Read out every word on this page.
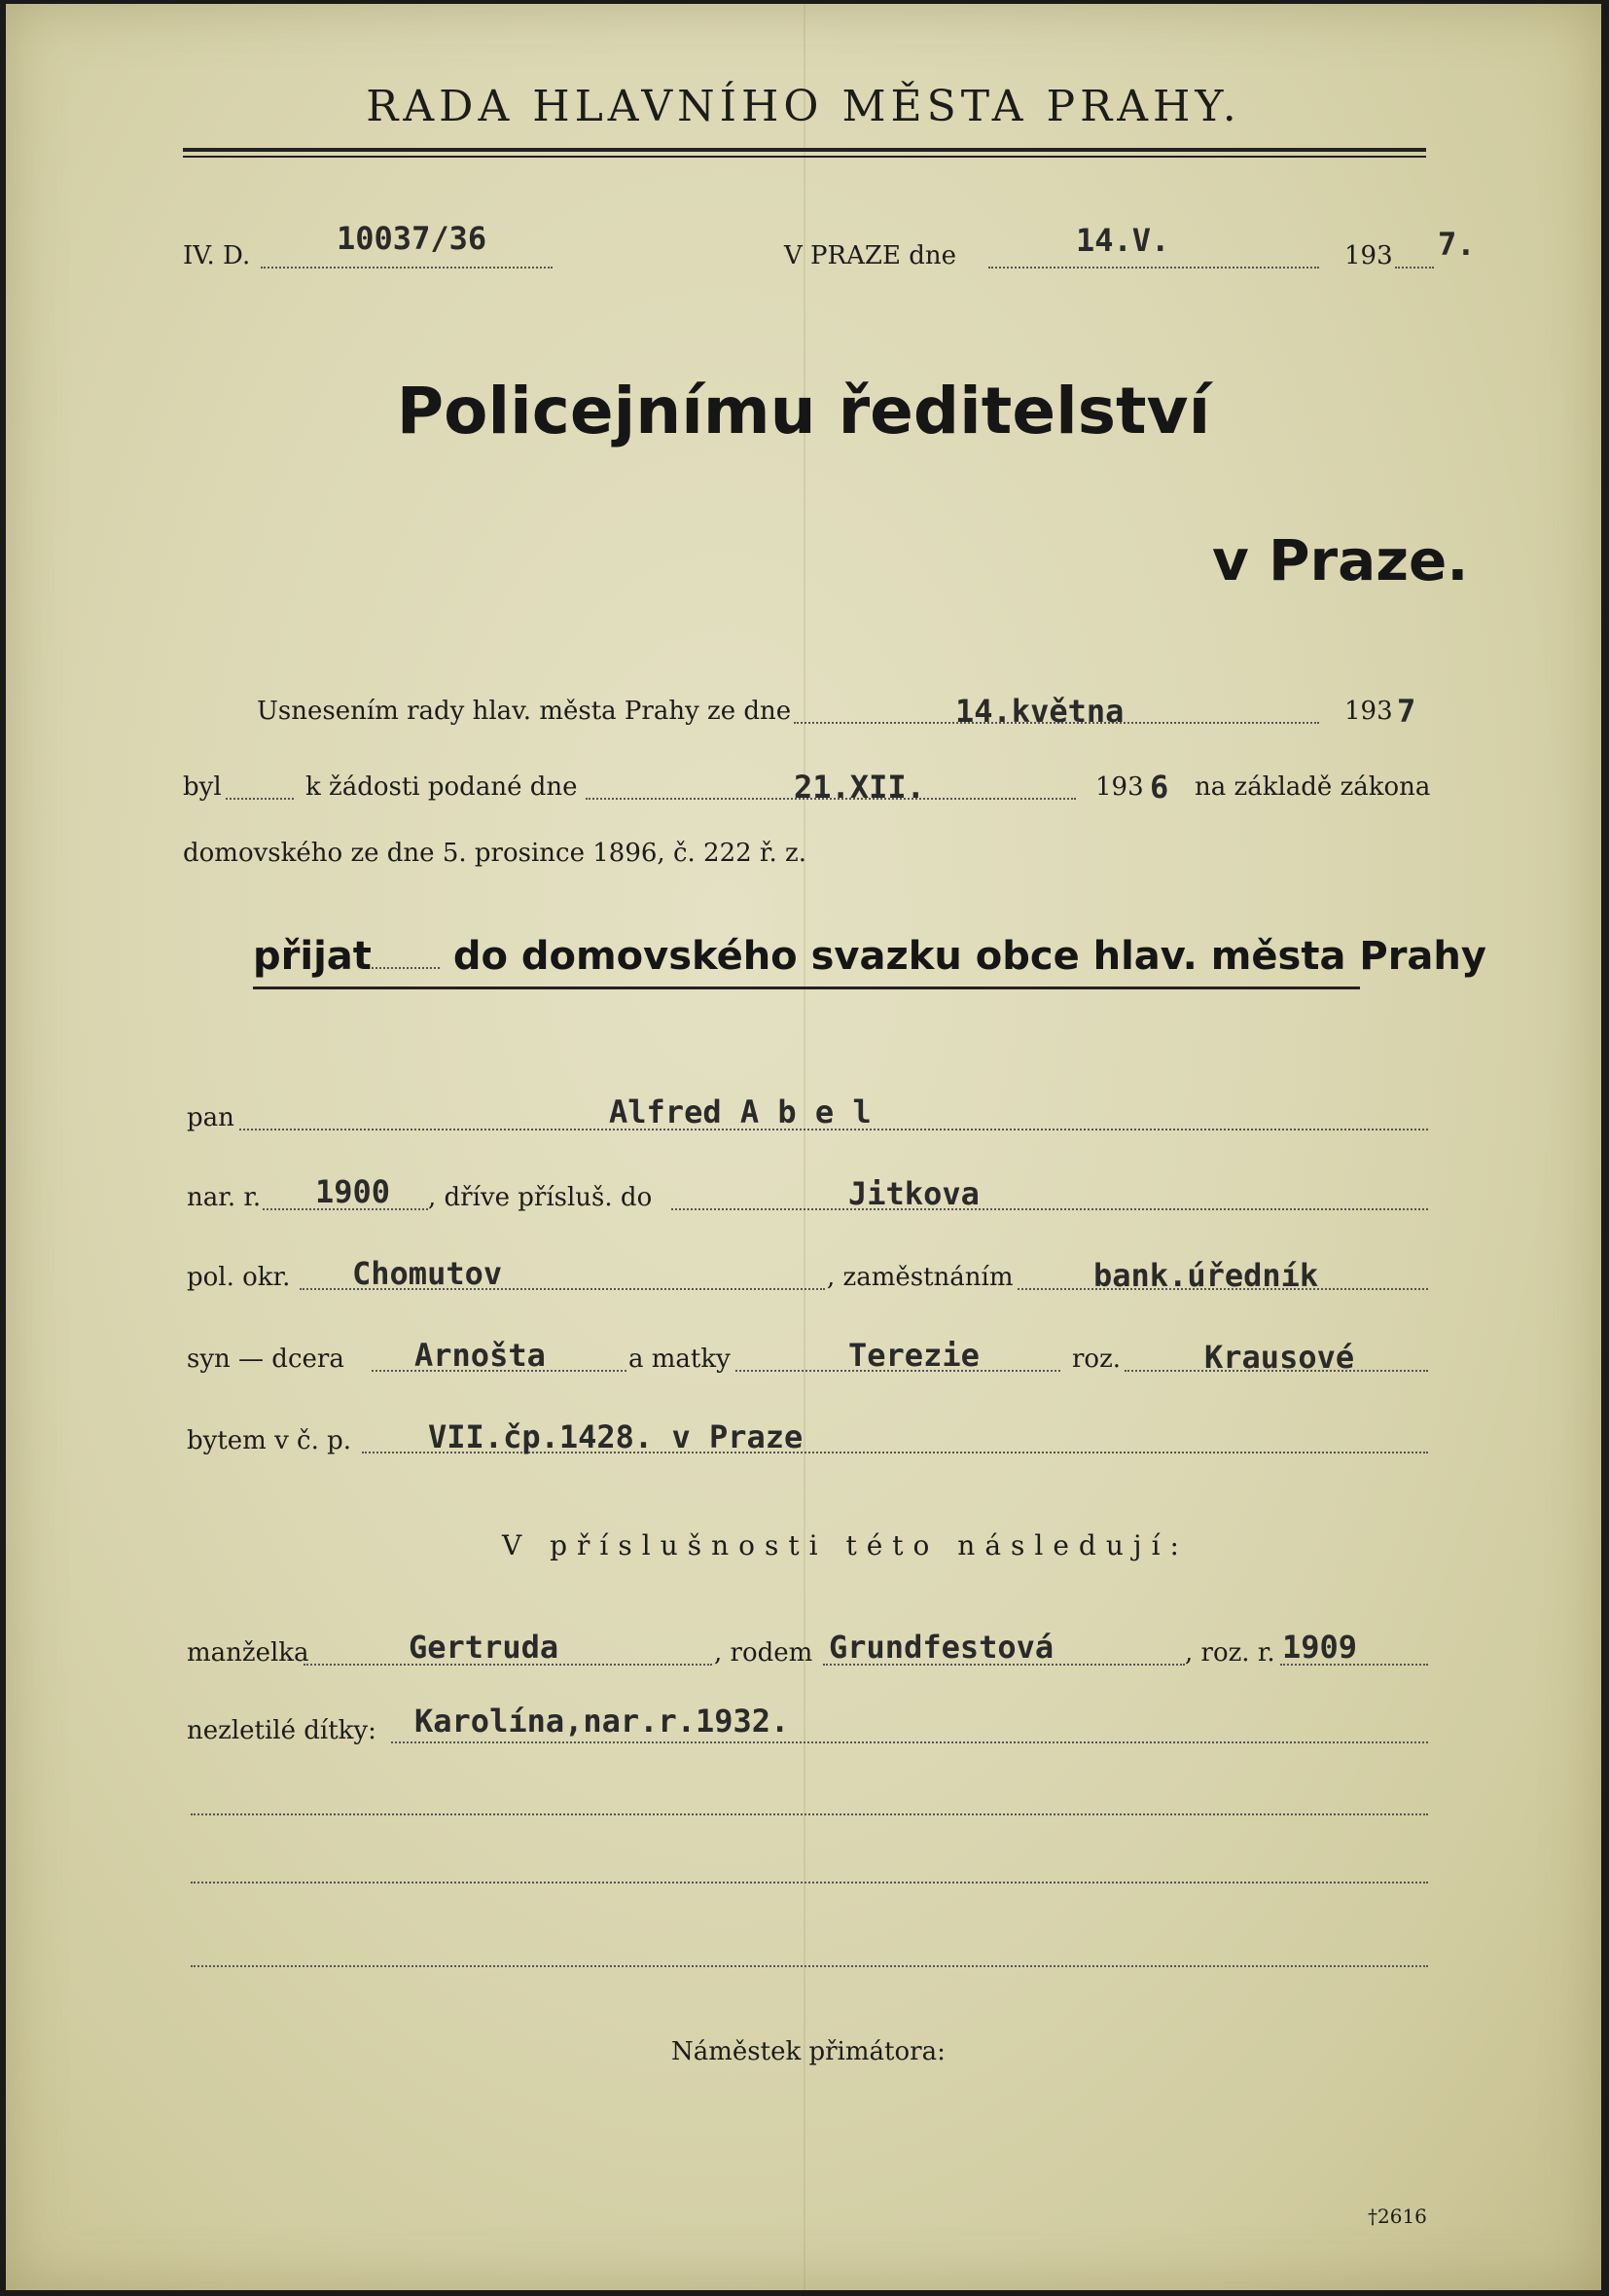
RADA HLAVNÍHO MĚSTA PRAHY.
IV. D.	10037/36	V PRAZE dne	14.V.	193 7.
Policejnímu ředitelství
v Praze.
Usnesením rady hlav. města Prahy ze dne	14.května	193 7
byl	k žádosti podané dne	21.XII.	193 6 na základě zákona
domovského ze dne 5. prosince 1896, č. 222 ř. z.
přijat do domovského svazku obce hlav. města Prahy
pan	Alfred A b e l
nar. r. 1900 , dříve přísluš. do	Jitkova
pol. okr. Chomutov	, zaměstnáním	bank.úředník
syn — dcera Arnošta	a matky	Terezie	roz.	Krausové
bytem v č. p. VII.čp.1428. v Praze
V příslušnosti této následují:
manželka	Gertruda	, rodem Grundfestová	, roz. r. 1909
nezletilé dítky: Karolína,nar.r.1932.
Náměstek přimátora:
†2616
